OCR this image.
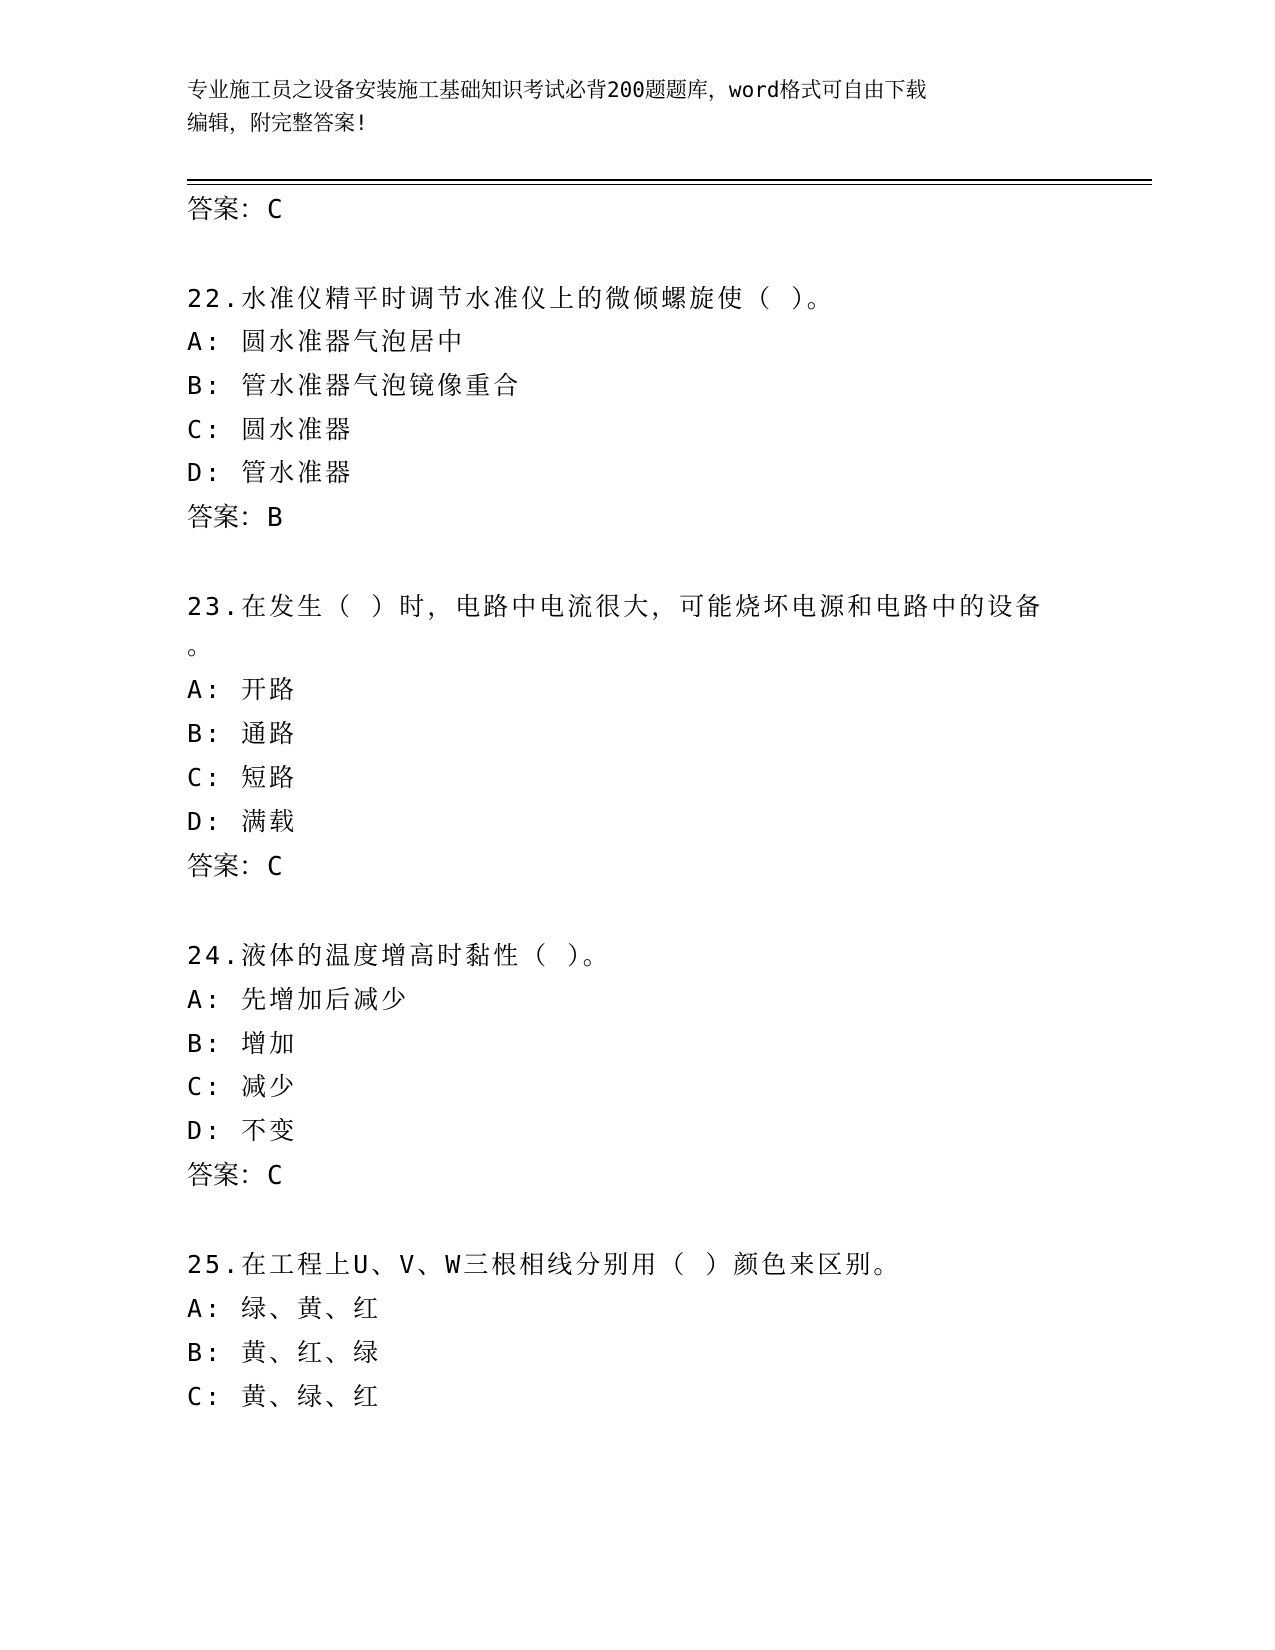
专业施工员之设备安装施工基础知识考试必背200题题库，word格式可自由下载
编辑，附完整答案!
答案：C
22.水准仪精平时调节水准仪上的微倾螺旋使（ ）。
A: 圆水准器气泡居中
B: 管水准器气泡镜像重合
C: 圆水准器
D: 管水准器
答案：B
23.在发生（ ）时，电路中电流很大，可能烧坏电源和电路中的设备
。
A: 开路
B: 通路
C: 短路
D: 满载
答案：C
24.液体的温度增高时黏性（ ）。
A: 先增加后减少
B: 增加
C: 减少
D: 不变
答案：C
25.在工程上U、V、W三根相线分别用（ ）颜色来区别。
A: 绿、黄、红
B: 黄、红、绿
C: 黄、绿、红
